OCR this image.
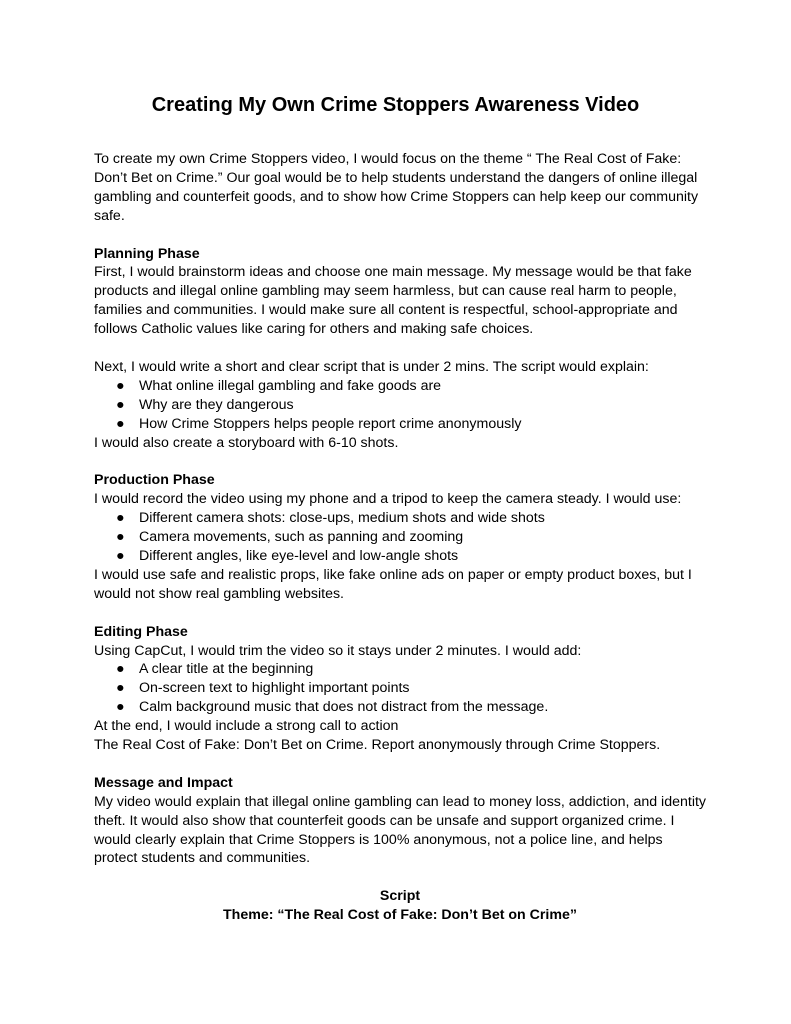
Creating My Own Crime Stoppers Awareness Video

To create my own Crime Stoppers video, I would focus on the theme “ The Real Cost of Fake: Don’t Bet on Crime.” Our goal would be to help students understand the dangers of online illegal gambling and counterfeit goods, and to show how Crime Stoppers can help keep our community safe.

Planning Phase

First, I would brainstorm ideas and choose one main message. My message would be that fake products and illegal online gambling may seem harmless, but can cause real harm to people, families and communities. I would make sure all content is respectful, school-appropriate and follows Catholic values like caring for others and making safe choices.

Next, I would write a short and clear script that is under 2 mins. The script would explain:

● What online illegal gambling and fake goods are
● Why are they dangerous
● How Crime Stoppers helps people report crime anonymously

I would also create a storyboard with 6-10 shots.

Production Phase

I would record the video using my phone and a tripod to keep the camera steady. I would use:

● Different camera shots: close-ups, medium shots and wide shots
● Camera movements, such as panning and zooming
● Different angles, like eye-level and low-angle shots

I would use safe and realistic props, like fake online ads on paper or empty product boxes, but I would not show real gambling websites.

Editing Phase

Using CapCut, I would trim the video so it stays under 2 minutes. I would add:

● A clear title at the beginning
● On-screen text to highlight important points
● Calm background music that does not distract from the message.

At the end, I would include a strong call to action

The Real Cost of Fake: Don’t Bet on Crime. Report anonymously through Crime Stoppers.

Message and Impact

My video would explain that illegal online gambling can lead to money loss, addiction, and identity theft. It would also show that counterfeit goods can be unsafe and support organized crime. I would clearly explain that Crime Stoppers is 100% anonymous, not a police line, and helps protect students and communities.

Script

Theme: “The Real Cost of Fake: Don’t Bet on Crime”
